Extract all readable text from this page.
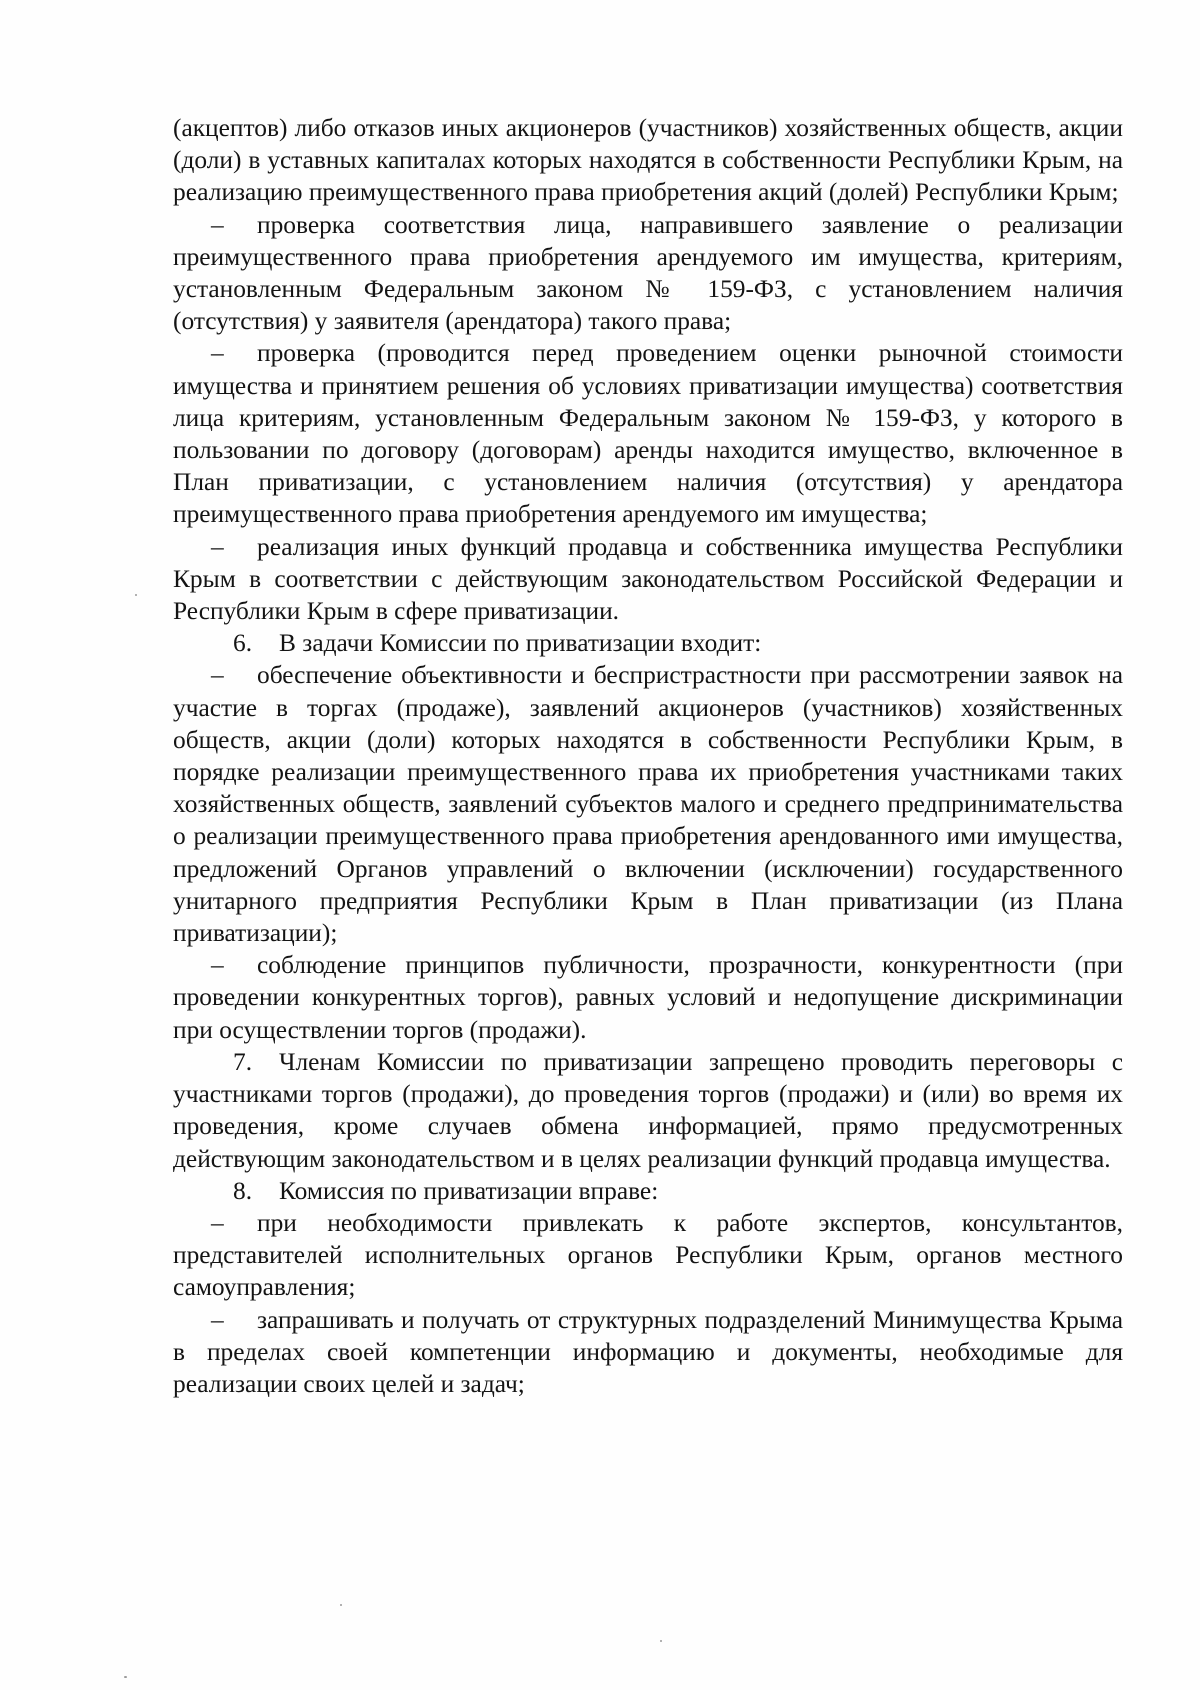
(акцептов) либо отказов иных акционеров (участников) хозяйственных обществ, акции (доли) в уставных капиталах которых находятся в собственности Республики Крым, на реализацию преимущественного права приобретения акций (долей) Республики Крым;

– проверка соответствия лица, направившего заявление о реализации преимущественного права приобретения арендуемого им имущества, критериям, установленным Федеральным законом № 159-ФЗ, с установлением наличия (отсутствия) у заявителя (арендатора) такого права;

– проверка (проводится перед проведением оценки рыночной стоимости имущества и принятием решения об условиях приватизации имущества) соответствия лица критериям, установленным Федеральным законом № 159-ФЗ, у которого в пользовании по договору (договорам) аренды находится имущество, включенное в План приватизации, с установлением наличия (отсутствия) у арендатора преимущественного права приобретения арендуемого им имущества;

– реализация иных функций продавца и собственника имущества Республики Крым в соответствии с действующим законодательством Российской Федерации и Республики Крым в сфере приватизации.

6. В задачи Комиссии по приватизации входит:

– обеспечение объективности и беспристрастности при рассмотрении заявок на участие в торгах (продаже), заявлений акционеров (участников) хозяйственных обществ, акции (доли) которых находятся в собственности Республики Крым, в порядке реализации преимущественного права их приобретения участниками таких хозяйственных обществ, заявлений субъектов малого и среднего предпринимательства о реализации преимущественного права приобретения арендованного ими имущества, предложений Органов управлений о включении (исключении) государственного унитарного предприятия Республики Крым в План приватизации (из Плана приватизации);

– соблюдение принципов публичности, прозрачности, конкурентности (при проведении конкурентных торгов), равных условий и недопущение дискриминации при осуществлении торгов (продажи).

7. Членам Комиссии по приватизации запрещено проводить переговоры с участниками торгов (продажи), до проведения торгов (продажи) и (или) во время их проведения, кроме случаев обмена информацией, прямо предусмотренных действующим законодательством и в целях реализации функций продавца имущества.

8. Комиссия по приватизации вправе:

– при необходимости привлекать к работе экспертов, консультантов, представителей исполнительных органов Республики Крым, органов местного самоуправления;

– запрашивать и получать от структурных подразделений Минимущества Крыма в пределах своей компетенции информацию и документы, необходимые для реализации своих целей и задач;
